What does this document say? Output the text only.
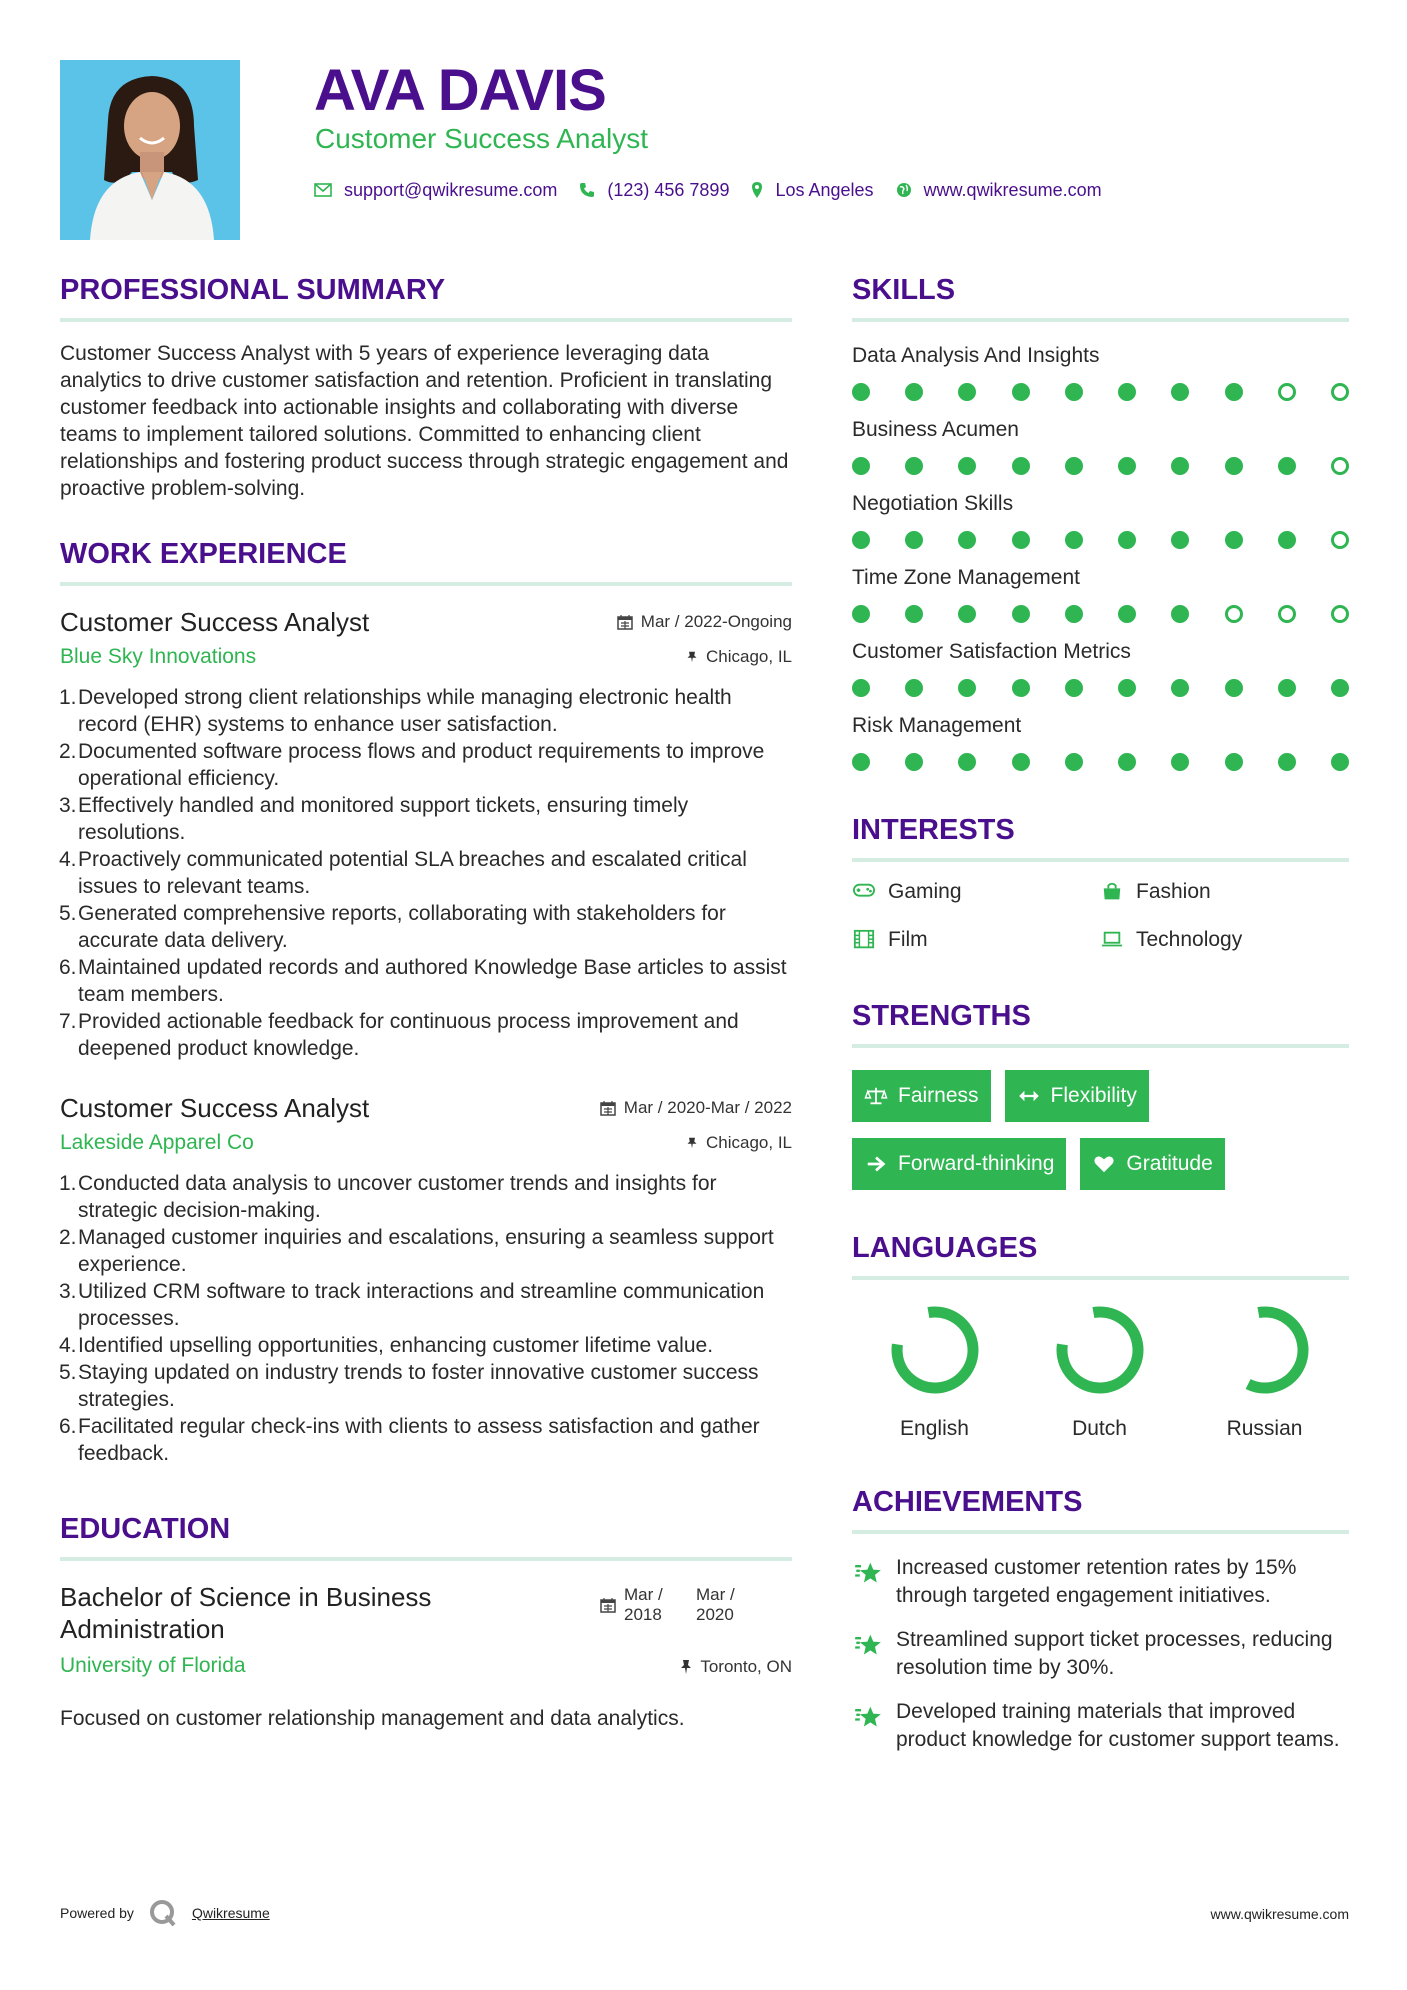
AVA DAVIS
Customer Success Analyst
support@qwikresume.com	(123) 456 7899	Los Angeles	www.qwikresume.com
PROFESSIONAL SUMMARY

Customer Success Analyst with 5 years of experience leveraging data analytics to drive customer satisfaction and retention. Proficient in translating customer feedback into actionable insights and collaborating with diverse teams to implement tailored solutions. Committed to enhancing client relationships and fostering product success through strategic engagement and proactive problem-solving.

WORK EXPERIENCE
Customer Success Analyst
Blue Sky Innovations
Mar / 2022-Ongoing
Chicago, IL
1. Developed strong client relationships while managing electronic health record (EHR) systems to enhance user satisfaction.
2. Documented software process flows and product requirements to improve operational efficiency.
3. Effectively handled and monitored support tickets, ensuring timely resolutions.
4. Proactively communicated potential SLA breaches and escalated critical issues to relevant teams.
5. Generated comprehensive reports, collaborating with stakeholders for accurate data delivery.
6. Maintained updated records and authored Knowledge Base articles to assist team members.
7. Provided actionable feedback for continuous process improvement and deepened product knowledge.
Customer Success Analyst
Lakeside Apparel Co
Mar / 2020-Mar / 2022
Chicago, IL
1. Conducted data analysis to uncover customer trends and insights for strategic decision-making.
2. Managed customer inquiries and escalations, ensuring a seamless support experience.
3. Utilized CRM software to track interactions and streamline communication processes.
4. Identified upselling opportunities, enhancing customer lifetime value.
5. Staying updated on industry trends to foster innovative customer success strategies.
6. Facilitated regular check-ins with clients to assess satisfaction and gather feedback.
EDUCATION
Bachelor of Science in Business Administration
University of Florida
Mar / 2018
Mar / 2020
Toronto, ON

Focused on customer relationship management and data analytics.

SKILLS
Data Analysis And Insights
Business Acumen
Negotiation Skills
Time Zone Management
Customer Satisfaction Metrics
Risk Management
INTERESTS
Gaming	Fashion
Film	Technology
STRENGTHS
Fairness	Flexibility
Forward-thinking	Gratitude
LANGUAGES
English	Dutch	Russian
ACHIEVEMENTS
Increased customer retention rates by 15% through targeted engagement initiatives.
Streamlined support ticket processes, reducing resolution time by 30%.
Developed training materials that improved product knowledge for customer support teams.
Powered by	Qwikresume	www.qwikresume.com
